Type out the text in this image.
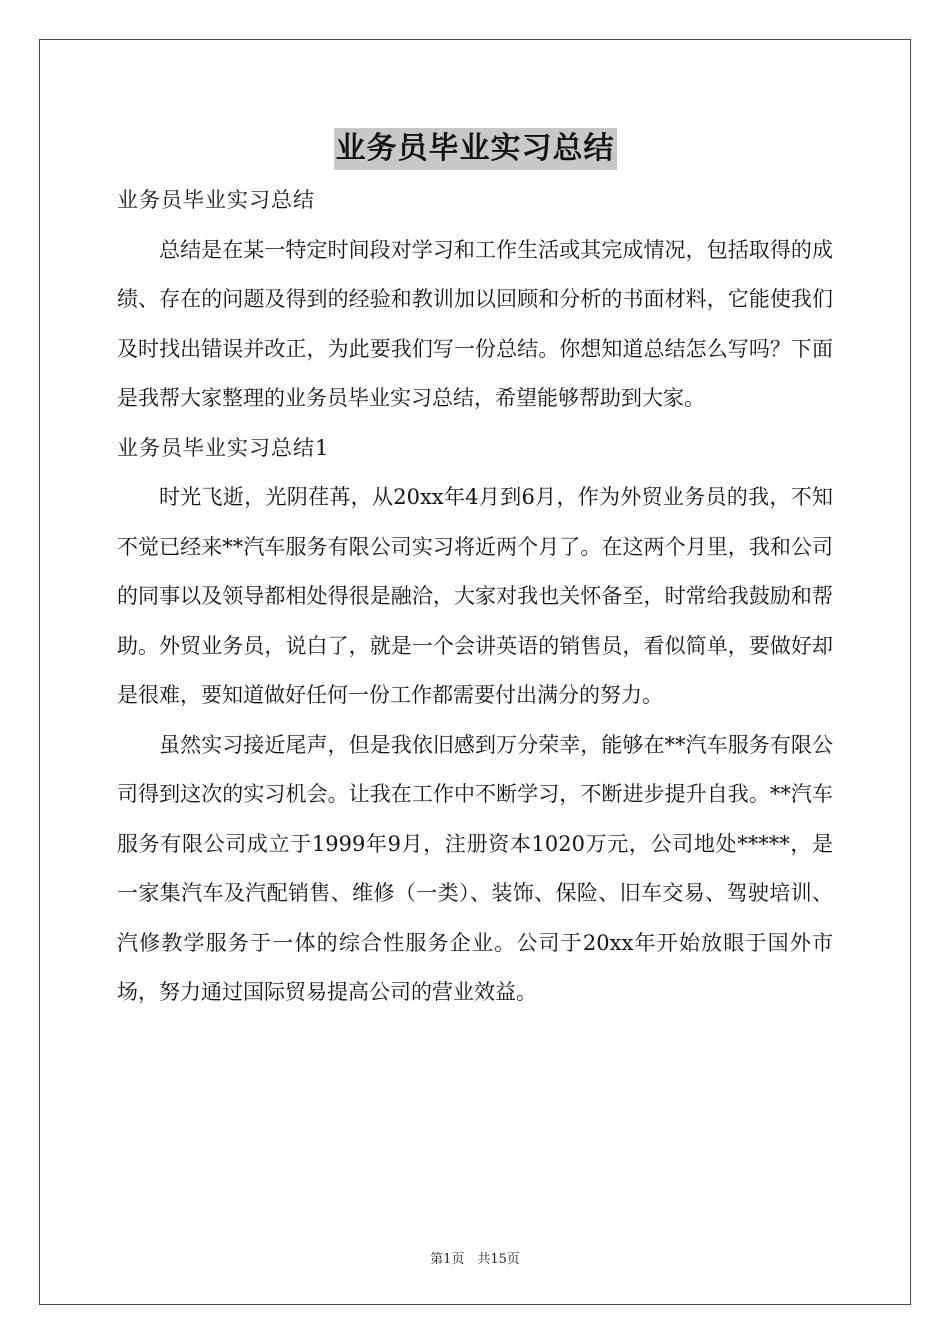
业务员毕业实习总结

业务员毕业实习总结

总结是在某一特定时间段对学习和工作生活或其完成情况，包括取得的成绩、存在的问题及得到的经验和教训加以回顾和分析的书面材料，它能使我们及时找出错误并改正，为此要我们写一份总结。你想知道总结怎么写吗？下面是我帮大家整理的业务员毕业实习总结，希望能够帮助到大家。

业务员毕业实习总结1

时光飞逝，光阴荏苒，从20xx年4月到6月，作为外贸业务员的我，不知不觉已经来**汽车服务有限公司实习将近两个月了。在这两个月里，我和公司的同事以及领导都相处得很是融洽，大家对我也关怀备至，时常给我鼓励和帮助。外贸业务员，说白了，就是一个会讲英语的销售员，看似简单，要做好却是很难，要知道做好任何一份工作都需要付出满分的努力。

虽然实习接近尾声，但是我依旧感到万分荣幸，能够在**汽车服务有限公司得到这次的实习机会。让我在工作中不断学习，不断进步提升自我。**汽车服务有限公司成立于1999年9月，注册资本1020万元，公司地处*****，是一家集汽车及汽配销售、维修（一类）、装饰、保险、旧车交易、驾驶培训、汽修教学服务于一体的综合性服务企业。公司于20xx年开始放眼于国外市场，努力通过国际贸易提高公司的营业效益。

第1页　共15页
